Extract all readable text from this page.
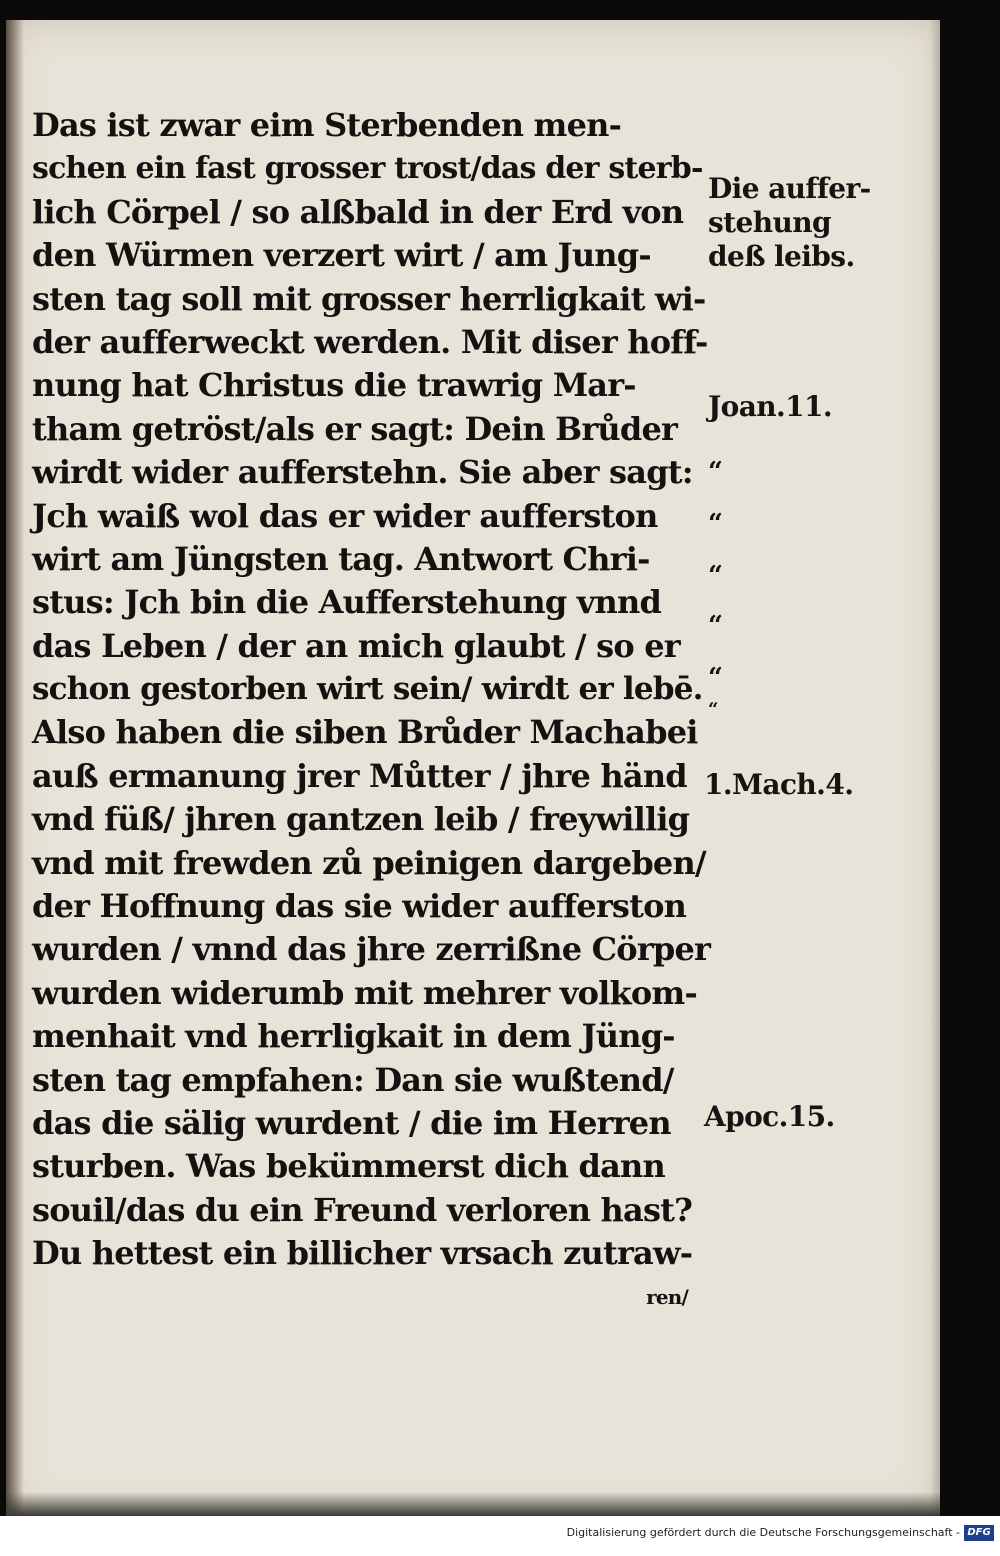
Das ist zwar eim Sterbenden men-
schen ein fast grosser trost/das der sterb-
lich Cörpel / so alßbald in der Erd von
den Würmen verzert wirt / am Jung-
sten tag soll mit grosser herrligkait wi-
der aufferweckt werden. Mit diser hoff-
nung hat Christus die trawrig Mar-
tham getröst/als er sagt: Dein Brůder
wirdt wider aufferstehn. Sie aber sagt:
Jch waiß wol das er wider aufferston
wirt am Jüngsten tag. Antwort Chri-
stus: Jch bin die Aufferstehung vnnd
das Leben / der an mich glaubt / so er
schon gestorben wirt sein/ wirdt er lebē.
Also haben die siben Brůder Machabei
auß ermanung jrer Můtter / jhre händ
vnd füß/ jhren gantzen leib / freywillig
vnd mit frewden zů peinigen dargeben/
der Hoffnung das sie wider aufferston
wurden / vnnd das jhre zerrißne Cörper
wurden widerumb mit mehrer volkom-
menhait vnd herrligkait in dem Jüng-
sten tag empfahen: Dan sie wußtend/
das die sälig wurdent / die im Herren
sturben. Was bekümmerst dich dann
souil/das du ein Freund verloren hast?
Du hettest ein billicher vrsach zutraw-
ren/
Die auffer-
stehung
deß leibs.
Joan.11.
1.Mach.4.
Apoc.15.
“
“
“
“
“
“
Digitalisierung gefördert durch die Deutsche Forschungsgemeinschaft - DFG
